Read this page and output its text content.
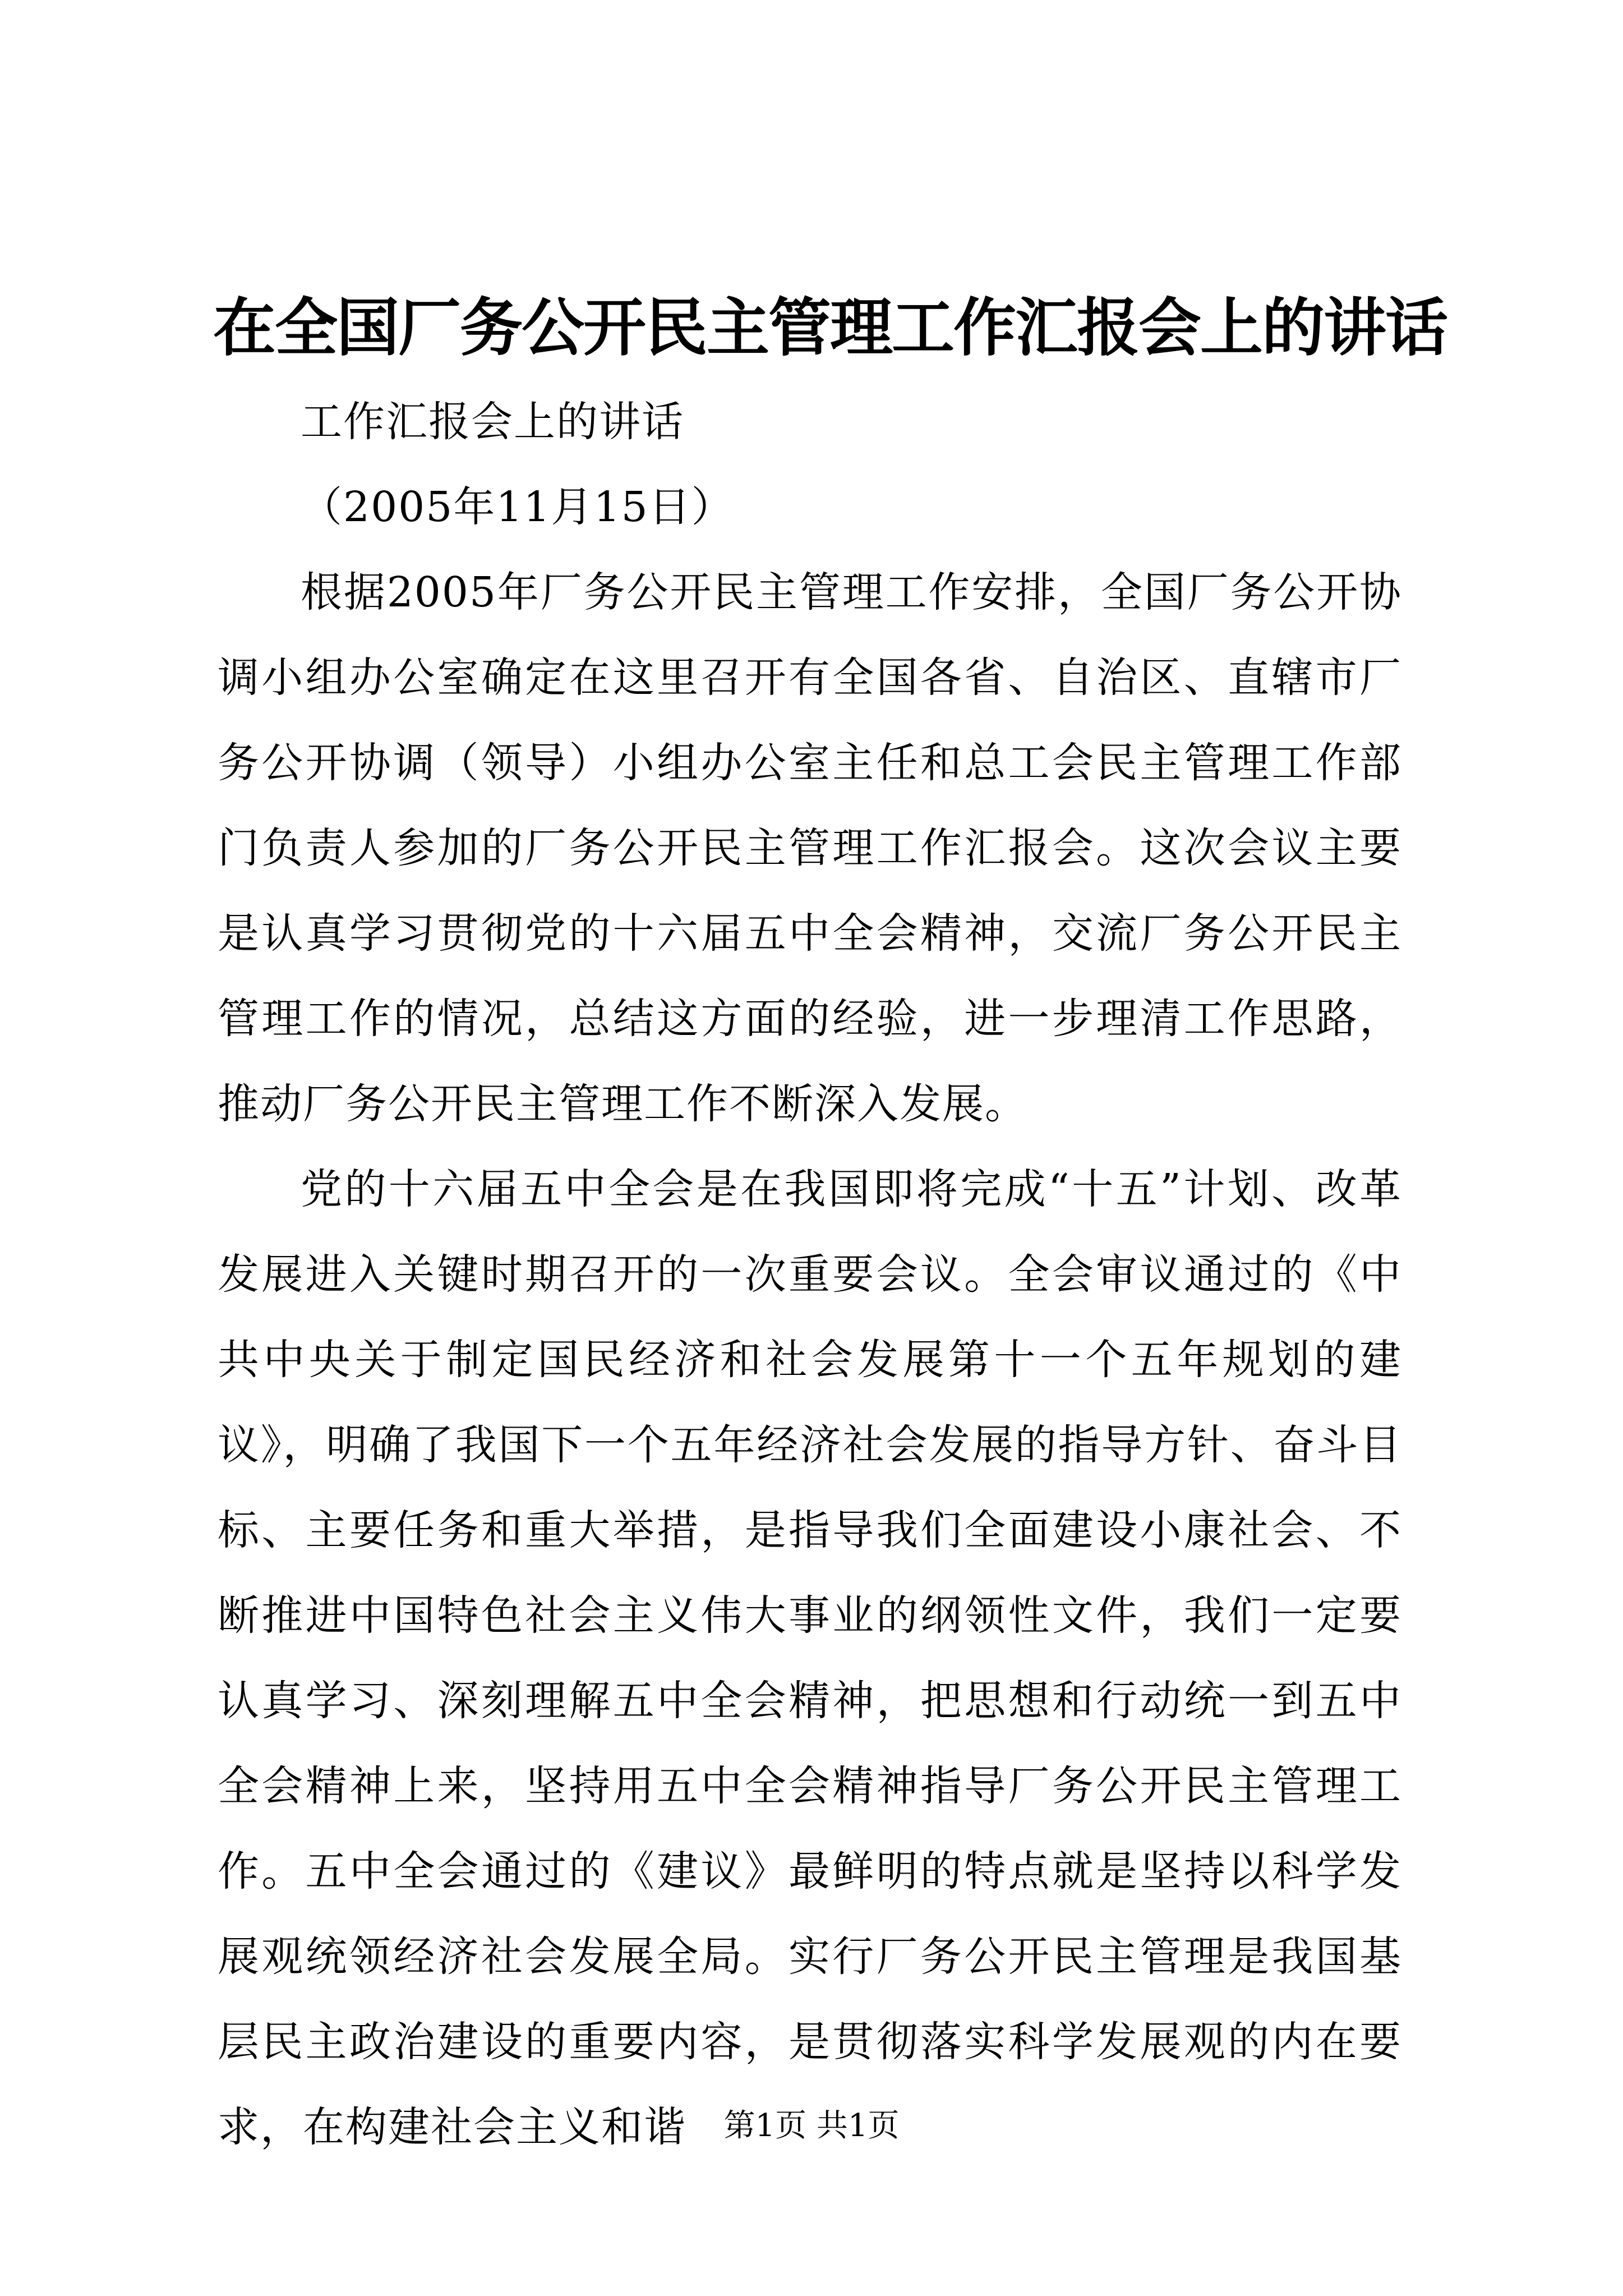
在全国厂务公开民主管理工作汇报会上的讲话

工作汇报会上的讲话

（2005年11月15日）

根据2005年厂务公开民主管理工作安排，全国厂务公开协调小组办公室确定在这里召开有全国各省、自治区、直辖市厂务公开协调（领导）小组办公室主任和总工会民主管理工作部门负责人参加的厂务公开民主管理工作汇报会。这次会议主要是认真学习贯彻党的十六届五中全会精神，交流厂务公开民主管理工作的情况，总结这方面的经验，进一步理清工作思路，推动厂务公开民主管理工作不断深入发展。

党的十六届五中全会是在我国即将完成“十五”计划、改革发展进入关键时期召开的一次重要会议。全会审议通过的《中共中央关于制定国民经济和社会发展第十一个五年规划的建议》，明确了我国下一个五年经济社会发展的指导方针、奋斗目标、主要任务和重大举措，是指导我们全面建设小康社会、不断推进中国特色社会主义伟大事业的纲领性文件，我们一定要认真学习、深刻理解五中全会精神，把思想和行动统一到五中全会精神上来，坚持用五中全会精神指导厂务公开民主管理工作。五中全会通过的《建议》最鲜明的特点就是坚持以科学发展观统领经济社会发展全局。实行厂务公开民主管理是我国基层民主政治建设的重要内容，是贯彻落实科学发展观的内在要求，在构建社会主义和谐	第1页 共1页
